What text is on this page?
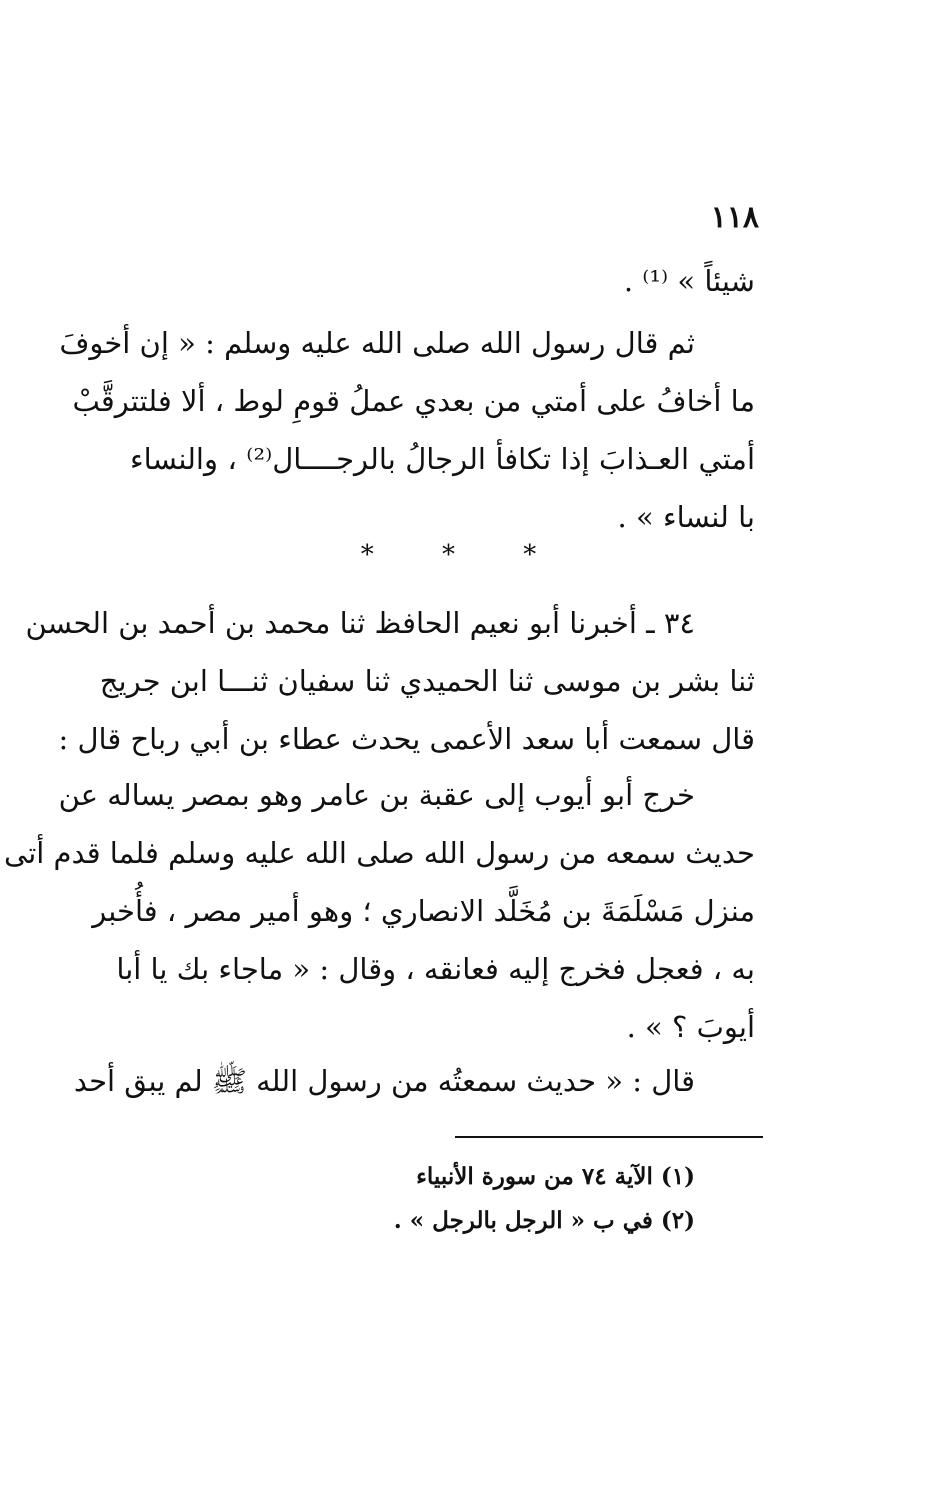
١١٨
شيئاً » ⁽¹⁾ .
ثم قال رسول الله صلى الله عليه وسلم : « إن أخوفَ
ما أخافُ على أمتي من بعدي عملُ قومِ لوط ، ألا فلتترقَّبْ
أمتي العـذابَ إذا تكافأ الرجالُ بالرجــــال⁽²⁾ ، والنساء
با لنساء » .
* * *
٣٤ ـ أخبرنا أبو نعيم الحافظ ثنا محمد بن أحمد بن الحسن
ثنا بشر بن موسى ثنا الحميدي ثنا سفيان ثنـــا ابن جريج
قال سمعت أبا سعد الأعمى يحدث عطاء بن أبي رباح قال :
خرج أبو أيوب إلى عقبة بن عامر وهو بمصر يساله عن
حديث سمعه من رسول الله صلى الله عليه وسلم فلما قدم أتى
منزل مَسْلَمَةَ بن مُخَلَّد الانصاري ؛ وهو أمير مصر ، فأُخبر
به ، فعجل فخرج إليه فعانقه ، وقال : « ماجاء بك يا أبا
أيوبَ ؟ » .
قال : « حديث سمعتُه من رسول الله ﷺ لم يبق أحد
(١) الآية ٧٤ من سورة الأنبياء
(٢) في ب « الرجل بالرجل » .
